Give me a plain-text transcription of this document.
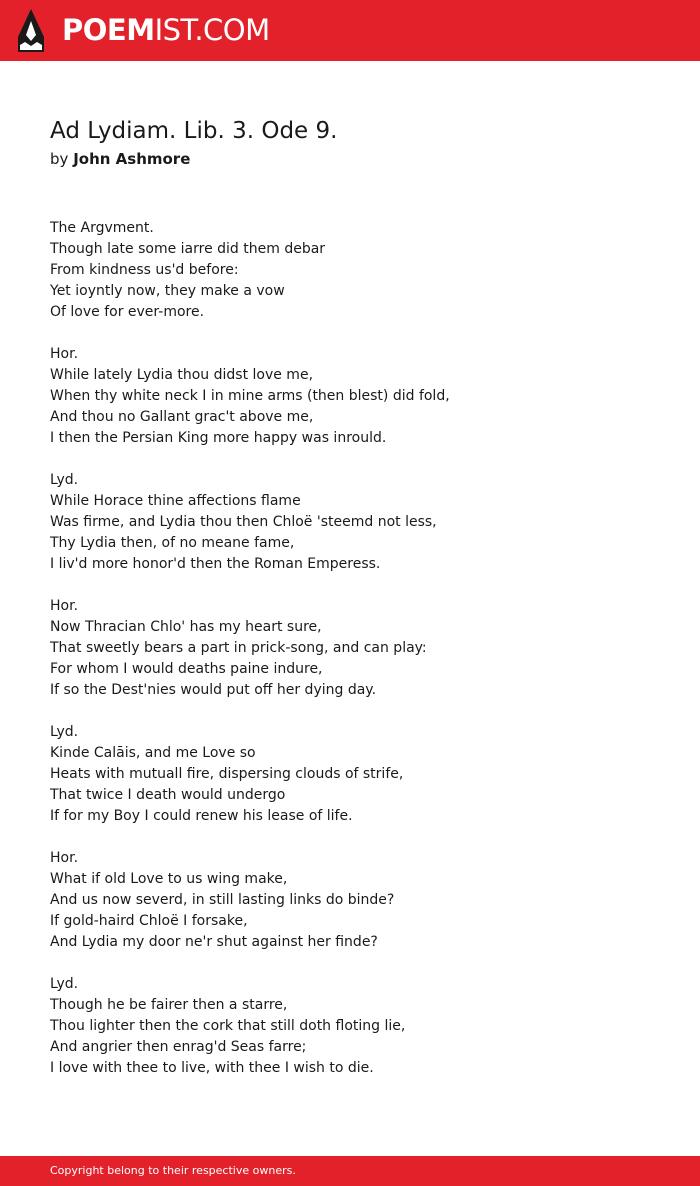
POEMIST.COM
Ad Lydiam. Lib. 3. Ode 9.
by John Ashmore
The Argvment.
Though late some iarre did them debar
From kindness us'd before:
Yet ioyntly now, they make a vow
Of love for ever-more.
Hor.
While lately Lydia thou didst love me,
When thy white neck I in mine arms (then blest) did fold,
And thou no Gallant grac't above me,
I then the Persian King more happy was inrould.
Lyd.
While Horace thine affections flame
Was firme, and Lydia thou then Chloë 'steemd not less,
Thy Lydia then, of no meane fame,
I liv'd more honor'd then the Roman Emperess.
Hor.
Now Thracian Chlo' has my heart sure,
That sweetly bears a part in prick-song, and can play:
For whom I would deaths paine indure,
If so the Dest'nies would put off her dying day.
Lyd.
Kinde Calāis, and me Love so
Heats with mutuall fire, dispersing clouds of strife,
That twice I death would undergo
If for my Boy I could renew his lease of life.
Hor.
What if old Love to us wing make,
And us now severd, in still lasting links do binde?
If gold-haird Chloë I forsake,
And Lydia my door ne'r shut against her finde?
Lyd.
Though he be fairer then a starre,
Thou lighter then the cork that still doth floting lie,
And angrier then enrag'd Seas farre;
I love with thee to live, with thee I wish to die.
Copyright belong to their respective owners.
